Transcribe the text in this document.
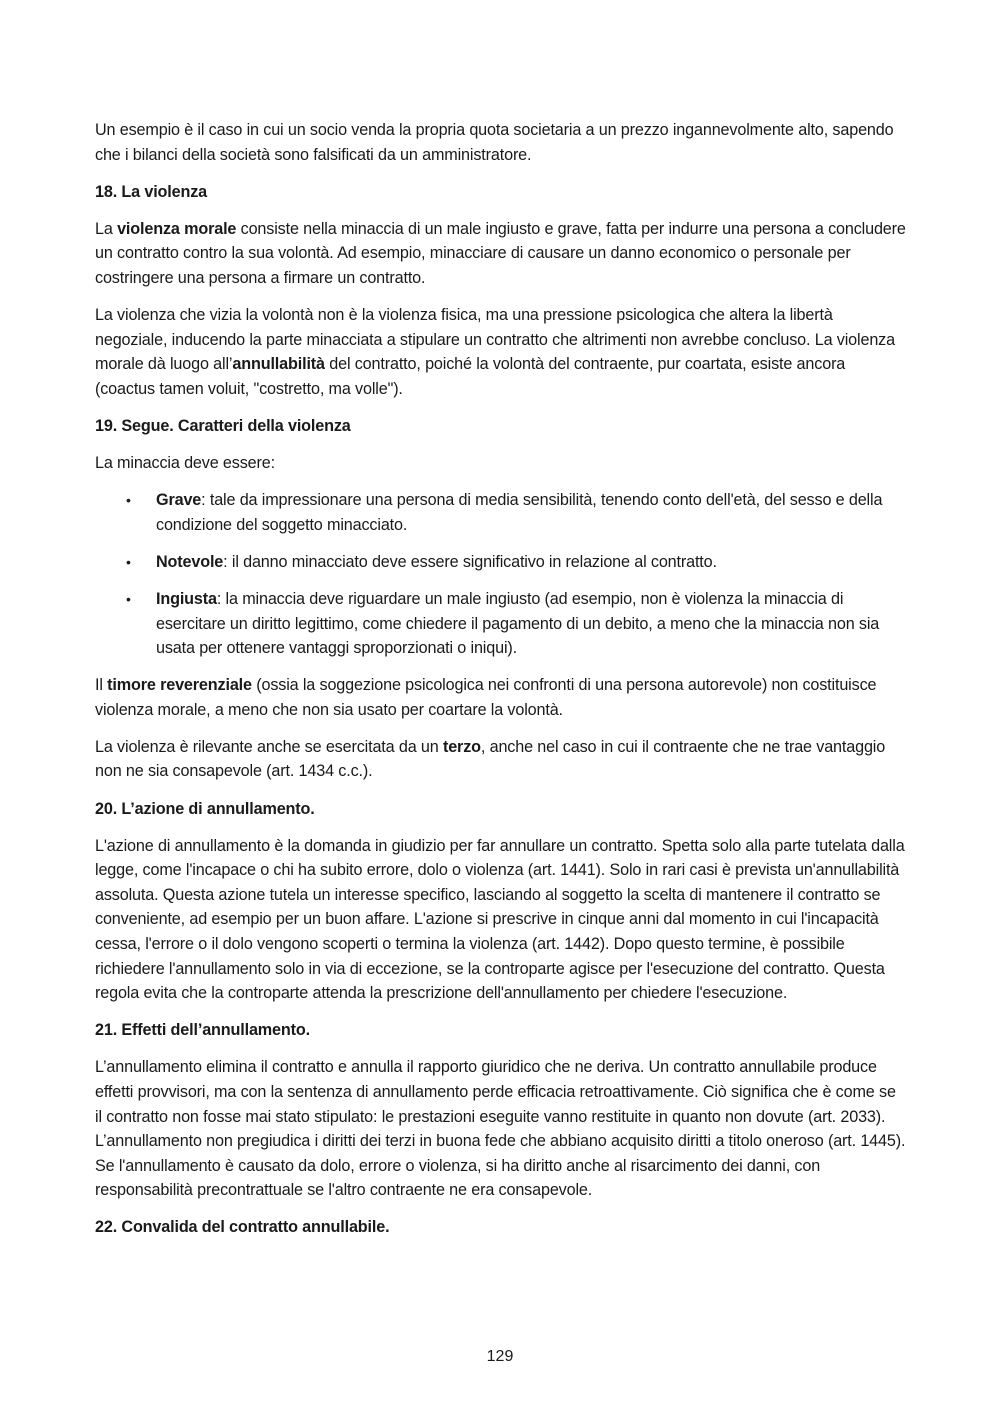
Un esempio è il caso in cui un socio venda la propria quota societaria a un prezzo ingannevolmente alto, sapendo che i bilanci della società sono falsificati da un amministratore.

18. La violenza

La violenza morale consiste nella minaccia di un male ingiusto e grave, fatta per indurre una persona a concludere un contratto contro la sua volontà. Ad esempio, minacciare di causare un danno economico o personale per costringere una persona a firmare un contratto.

La violenza che vizia la volontà non è la violenza fisica, ma una pressione psicologica che altera la libertà negoziale, inducendo la parte minacciata a stipulare un contratto che altrimenti non avrebbe concluso. La violenza morale dà luogo all’annullabilità del contratto, poiché la volontà del contraente, pur coartata, esiste ancora (coactus tamen voluit, "costretto, ma volle").

19. Segue. Caratteri della violenza

La minaccia deve essere:

• Grave: tale da impressionare una persona di media sensibilità, tenendo conto dell'età, del sesso e della condizione del soggetto minacciato.
• Notevole: il danno minacciato deve essere significativo in relazione al contratto.
• Ingiusta: la minaccia deve riguardare un male ingiusto (ad esempio, non è violenza la minaccia di esercitare un diritto legittimo, come chiedere il pagamento di un debito, a meno che la minaccia non sia usata per ottenere vantaggi sproporzionati o iniqui).

Il timore reverenziale (ossia la soggezione psicologica nei confronti di una persona autorevole) non costituisce violenza morale, a meno che non sia usato per coartare la volontà.

La violenza è rilevante anche se esercitata da un terzo, anche nel caso in cui il contraente che ne trae vantaggio non ne sia consapevole (art. 1434 c.c.).

20. L’azione di annullamento.

L'azione di annullamento è la domanda in giudizio per far annullare un contratto. Spetta solo alla parte tutelata dalla legge, come l'incapace o chi ha subito errore, dolo o violenza (art. 1441). Solo in rari casi è prevista un'annullabilità assoluta. Questa azione tutela un interesse specifico, lasciando al soggetto la scelta di mantenere il contratto se conveniente, ad esempio per un buon affare. L'azione si prescrive in cinque anni dal momento in cui l'incapacità cessa, l'errore o il dolo vengono scoperti o termina la violenza (art. 1442). Dopo questo termine, è possibile richiedere l'annullamento solo in via di eccezione, se la controparte agisce per l'esecuzione del contratto. Questa regola evita che la controparte attenda la prescrizione dell'annullamento per chiedere l'esecuzione.

21. Effetti dell’annullamento.

L’annullamento elimina il contratto e annulla il rapporto giuridico che ne deriva. Un contratto annullabile produce effetti provvisori, ma con la sentenza di annullamento perde efficacia retroattivamente. Ciò significa che è come se il contratto non fosse mai stato stipulato: le prestazioni eseguite vanno restituite in quanto non dovute (art. 2033). L’annullamento non pregiudica i diritti dei terzi in buona fede che abbiano acquisito diritti a titolo oneroso (art. 1445). Se l'annullamento è causato da dolo, errore o violenza, si ha diritto anche al risarcimento dei danni, con responsabilità precontrattuale se l'altro contraente ne era consapevole.

22. Convalida del contratto annullabile.

129
